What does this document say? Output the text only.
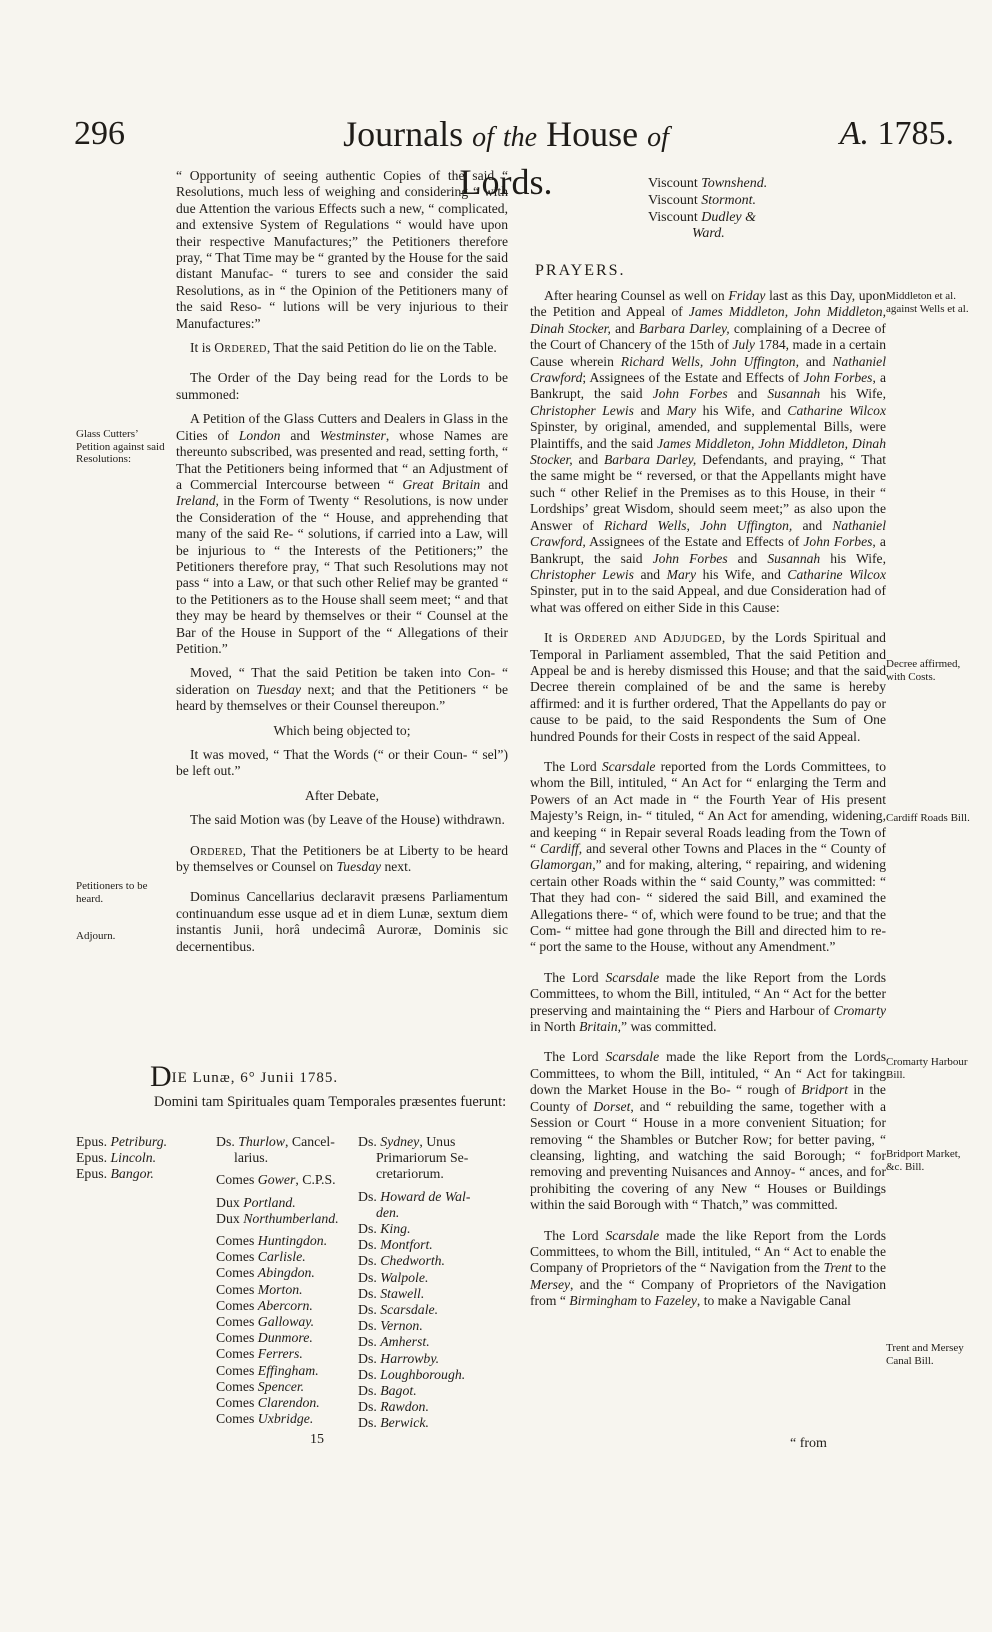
296	Journals of the House of Lords.
A. 1785.

“ Opportunity of seeing authentic Copies of the said “ Resolutions, much less of weighing and considering “ with due Attention the various Effects such a new, “ complicated, and extensive System of Regulations “ would have upon their respective Manufactures;” the Petitioners therefore pray, “ That Time may be “ granted by the House for the said distant Manufac- “ turers to see and consider the said Resolutions, as in “ the Opinion of the Petitioners many of the said Reso- “ lutions will be very injurious to their Manufactures:”

It is Ordered, That the said Petition do lie on the Table.

The Order of the Day being read for the Lords to be summoned:

A Petition of the Glass Cutters and Dealers in Glass in the Cities of London and Westminster, whose Names are thereunto subscribed, was presented and read, setting forth, “ That the Petitioners being informed that “ an Adjustment of a Commercial Intercourse between “ Great Britain and Ireland, in the Form of Twenty “ Resolutions, is now under the Consideration of the “ House, and apprehending that many of the said Re- “ solutions, if carried into a Law, will be injurious to “ the Interests of the Petitioners;” the Petitioners therefore pray, “ That such Resolutions may not pass “ into a Law, or that such other Relief may be granted “ to the Petitioners as to the House shall seem meet; “ and that they may be heard by themselves or their “ Counsel at the Bar of the House in Support of the “ Allegations of their Petition.”

Moved, “ That the said Petition be taken into Con- “ sideration on Tuesday next; and that the Petitioners “ be heard by themselves or their Counsel thereupon.”

Which being objected to;

It was moved, “ That the Words (“ or their Coun- “ sel”) be left out.”

After Debate,

The said Motion was (by Leave of the House) withdrawn.

Ordered, That the Petitioners be at Liberty to be heard by themselves or Counsel on Tuesday next.

Dominus Cancellarius declaravit præsens Parliamentum continuandum esse usque ad et in diem Lunæ, sextum diem instantis Junii, horâ undecimâ Auroræ, Dominis sic decernentibus.

Glass Cutters’ Petition against said Resolutions:
Petitioners to be heard.
Adjourn.
Viscount Townshend.
Viscount Stormont.
Viscount Dudley &
Ward.
PRAYERS.

After hearing Counsel as well on Friday last as this Day, upon the Petition and Appeal of James Middleton, John Middleton, Dinah Stocker, and Barbara Darley, complaining of a Decree of the Court of Chancery of the 15th of July 1784, made in a certain Cause wherein Richard Wells, John Uffington, and Nathaniel Crawford; Assignees of the Estate and Effects of John Forbes, a Bankrupt, the said John Forbes and Susannah his Wife, Christopher Lewis and Mary his Wife, and Catharine Wilcox Spinster, by original, amended, and supplemental Bills, were Plaintiffs, and the said James Middleton, John Middleton, Dinah Stocker, and Barbara Darley, Defendants, and praying, “ That the same might be “ reversed, or that the Appellants might have such “ other Relief in the Premises as to this House, in their “ Lordships’ great Wisdom, should seem meet;” as also upon the Answer of Richard Wells, John Uffington, and Nathaniel Crawford, Assignees of the Estate and Effects of John Forbes, a Bankrupt, the said John Forbes and Susannah his Wife, Christopher Lewis and Mary his Wife, and Catharine Wilcox Spinster, put in to the said Appeal, and due Consideration had of what was offered on either Side in this Cause:

It is Ordered and Adjudged, by the Lords Spiritual and Temporal in Parliament assembled, That the said Petition and Appeal be and is hereby dismissed this House; and that the said Decree therein complained of be and the same is hereby affirmed: and it is further ordered, That the Appellants do pay or cause to be paid, to the said Respondents the Sum of One hundred Pounds for their Costs in respect of the said Appeal.

The Lord Scarsdale reported from the Lords Committees, to whom the Bill, intituled, “ An Act for “ enlarging the Term and Powers of an Act made in “ the Fourth Year of His present Majesty’s Reign, in- “ tituled, “ An Act for amending, widening, and keeping “ in Repair several Roads leading from the Town of “ Cardiff, and several other Towns and Places in the “ County of Glamorgan,” and for making, altering, “ repairing, and widening certain other Roads within the “ said County,” was committed: “ That they had con- “ sidered the said Bill, and examined the Allegations there- “ of, which were found to be true; and that the Com- “ mittee had gone through the Bill and directed him to re- “ port the same to the House, without any Amendment.”

The Lord Scarsdale made the like Report from the Lords Committees, to whom the Bill, intituled, “ An “ Act for the better preserving and maintaining the “ Piers and Harbour of Cromarty in North Britain,” was committed.

The Lord Scarsdale made the like Report from the Lords Committees, to whom the Bill, intituled, “ An “ Act for taking down the Market House in the Bo- “ rough of Bridport in the County of Dorset, and “ rebuilding the same, together with a Session or Court “ House in a more convenient Situation; for removing “ the Shambles or Butcher Row; for better paving, “ cleansing, lighting, and watching the said Borough; “ for removing and preventing Nuisances and Annoy- “ ances, and for prohibiting the covering of any New “ Houses or Buildings within the said Borough with “ Thatch,” was committed.

The Lord Scarsdale made the like Report from the Lords Committees, to whom the Bill, intituled, “ An “ Act to enable the Company of Proprietors of the “ Navigation from the Trent to the Mersey, and the “ Company of Proprietors of the Navigation from “ Birmingham to Fazeley, to make a Navigable Canal

Middleton et al. against Wells et al.
Decree affirmed, with Costs.
Cardiff Roads Bill.
Cromarty Harbour Bill.
Bridport Market, &c. Bill.
Trent and Mersey Canal Bill.
DIE Lunæ, 6° Junii 1785.
Domini tam Spirituales quam Temporales præsentes fuerunt:
Epus. Petriburg.
Epus. Lincoln.
Epus. Bangor.
Ds. Thurlow, Cancel-
larius.
Comes Gower, C.P.S.
Dux Portland.
Dux Northumberland.
Comes Huntingdon.
Comes Carlisle.
Comes Abingdon.
Comes Morton.
Comes Abercorn.
Comes Galloway.
Comes Dunmore.
Comes Ferrers.
Comes Effingham.
Comes Spencer.
Comes Clarendon.
Comes Uxbridge.
Ds. Sydney, Unus
Primariorum Se-
cretariorum.
Ds. Howard de Wal-
den.
Ds. King.
Ds. Montfort.
Ds. Chedworth.
Ds. Walpole.
Ds. Stawell.
Ds. Scarsdale.
Ds. Vernon.
Ds. Amherst.
Ds. Harrowby.
Ds. Loughborough.
Ds. Bagot.
Ds. Rawdon.
Ds. Berwick.
15	“ from
